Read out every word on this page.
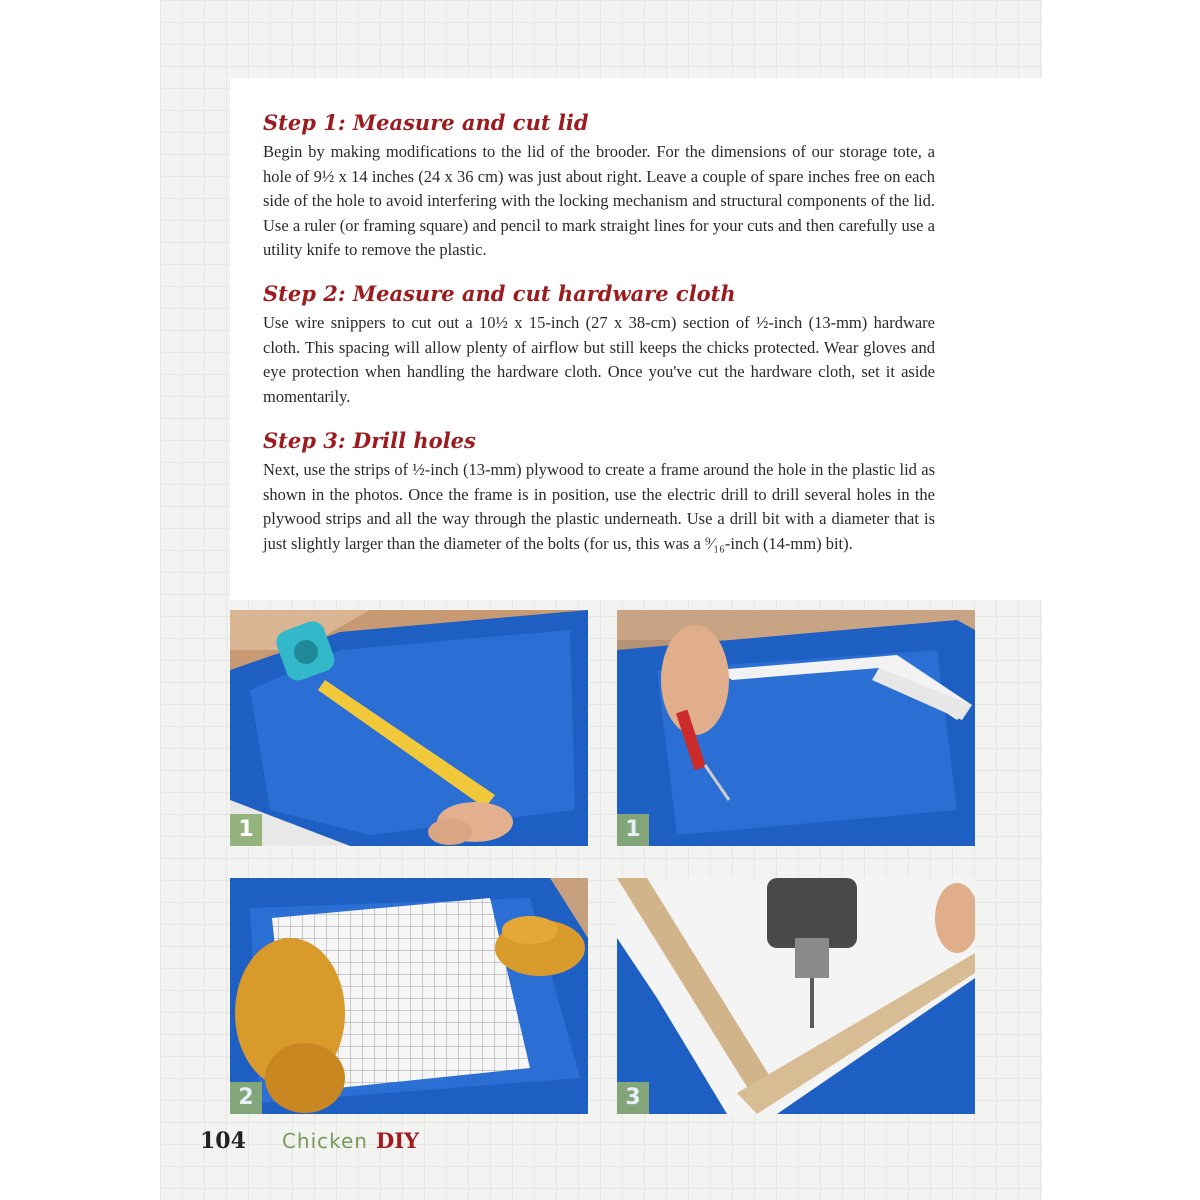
Step 1: Measure and cut lid

Begin by making modifications to the lid of the brooder. For the dimensions of our storage tote, a hole of 9½ x 14 inches (24 x 36 cm) was just about right. Leave a couple of spare inches free on each side of the hole to avoid interfering with the locking mechanism and structural components of the lid. Use a ruler (or framing square) and pencil to mark straight lines for your cuts and then carefully use a utility knife to remove the plastic.

Step 2: Measure and cut hardware cloth

Use wire snippers to cut out a 10½ x 15-inch (27 x 38-cm) section of ½-inch (13-mm) hardware cloth. This spacing will allow plenty of airflow but still keeps the chicks protected. Wear gloves and eye protection when handling the hardware cloth. Once you've cut the hardware cloth, set it aside momentarily.

Step 3: Drill holes

Next, use the strips of ½-inch (13-mm) plywood to create a frame around the hole in the plastic lid as shown in the photos. Once the frame is in position, use the electric drill to drill several holes in the plywood strips and all the way through the plastic underneath. Use a drill bit with a diameter that is just slightly larger than the diameter of the bolts (for us, this was a ⁹⁄₁₆-inch (14-mm) bit).

1	1
2	3
104 Chicken DIY
